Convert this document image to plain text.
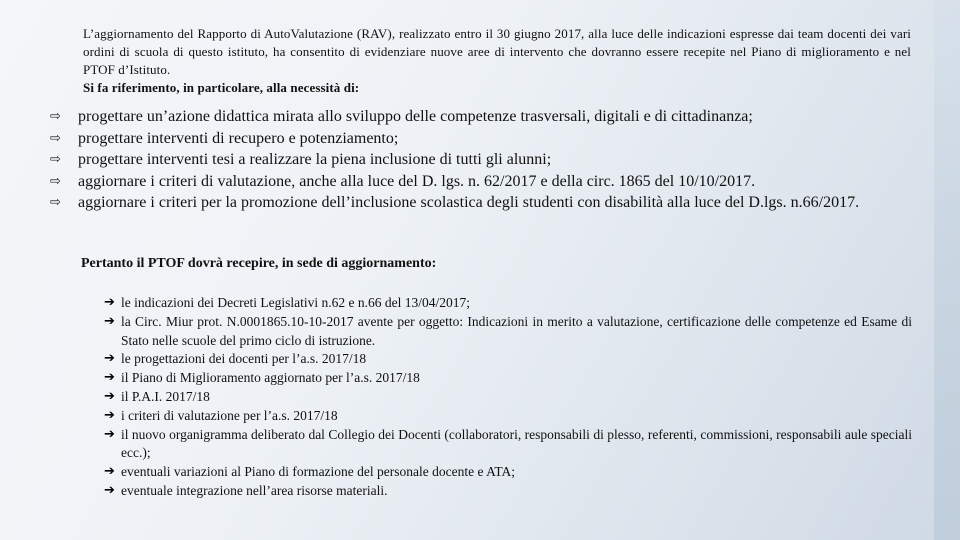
L’aggiornamento del Rapporto di AutoValutazione (RAV), realizzato entro il 30 giugno 2017, alla luce delle indicazioni espresse dai team docenti dei vari ordini di scuola di questo istituto, ha consentito di evidenziare nuove aree di intervento che dovranno essere recepite nel Piano di miglioramento e nel PTOF d’Istituto.

Si fa riferimento, in particolare, alla necessità di:

⇨ progettare un’azione didattica mirata allo sviluppo delle competenze trasversali, digitali e di cittadinanza;
⇨ progettare interventi di recupero e potenziamento;
⇨ progettare interventi tesi a realizzare la piena inclusione di tutti gli alunni;
⇨ aggiornare i criteri di valutazione, anche alla luce del D. lgs. n. 62/2017 e della circ. 1865 del 10/10/2017.
⇨ aggiornare i criteri per la promozione dell’inclusione scolastica degli studenti con disabilità alla luce del D.lgs. n.66/2017.
Pertanto il PTOF dovrà recepire, in sede di aggiornamento:
➔ le indicazioni dei Decreti Legislativi n.62 e n.66 del 13/04/2017;
➔ la Circ. Miur prot. N.0001865.10-10-2017 avente per oggetto: Indicazioni in merito a valutazione, certificazione delle competenze ed Esame di Stato nelle scuole del primo ciclo di istruzione.
➔ le progettazioni dei docenti per l’a.s. 2017/18
➔ il Piano di Miglioramento aggiornato per l’a.s. 2017/18
➔ il P.A.I. 2017/18
➔ i criteri di valutazione per l’a.s. 2017/18
➔ il nuovo organigramma deliberato dal Collegio dei Docenti (collaboratori, responsabili di plesso, referenti, commissioni, responsabili aule speciali ecc.);
➔ eventuali variazioni al Piano di formazione del personale docente e ATA;
➔ eventuale integrazione nell’area risorse materiali.
